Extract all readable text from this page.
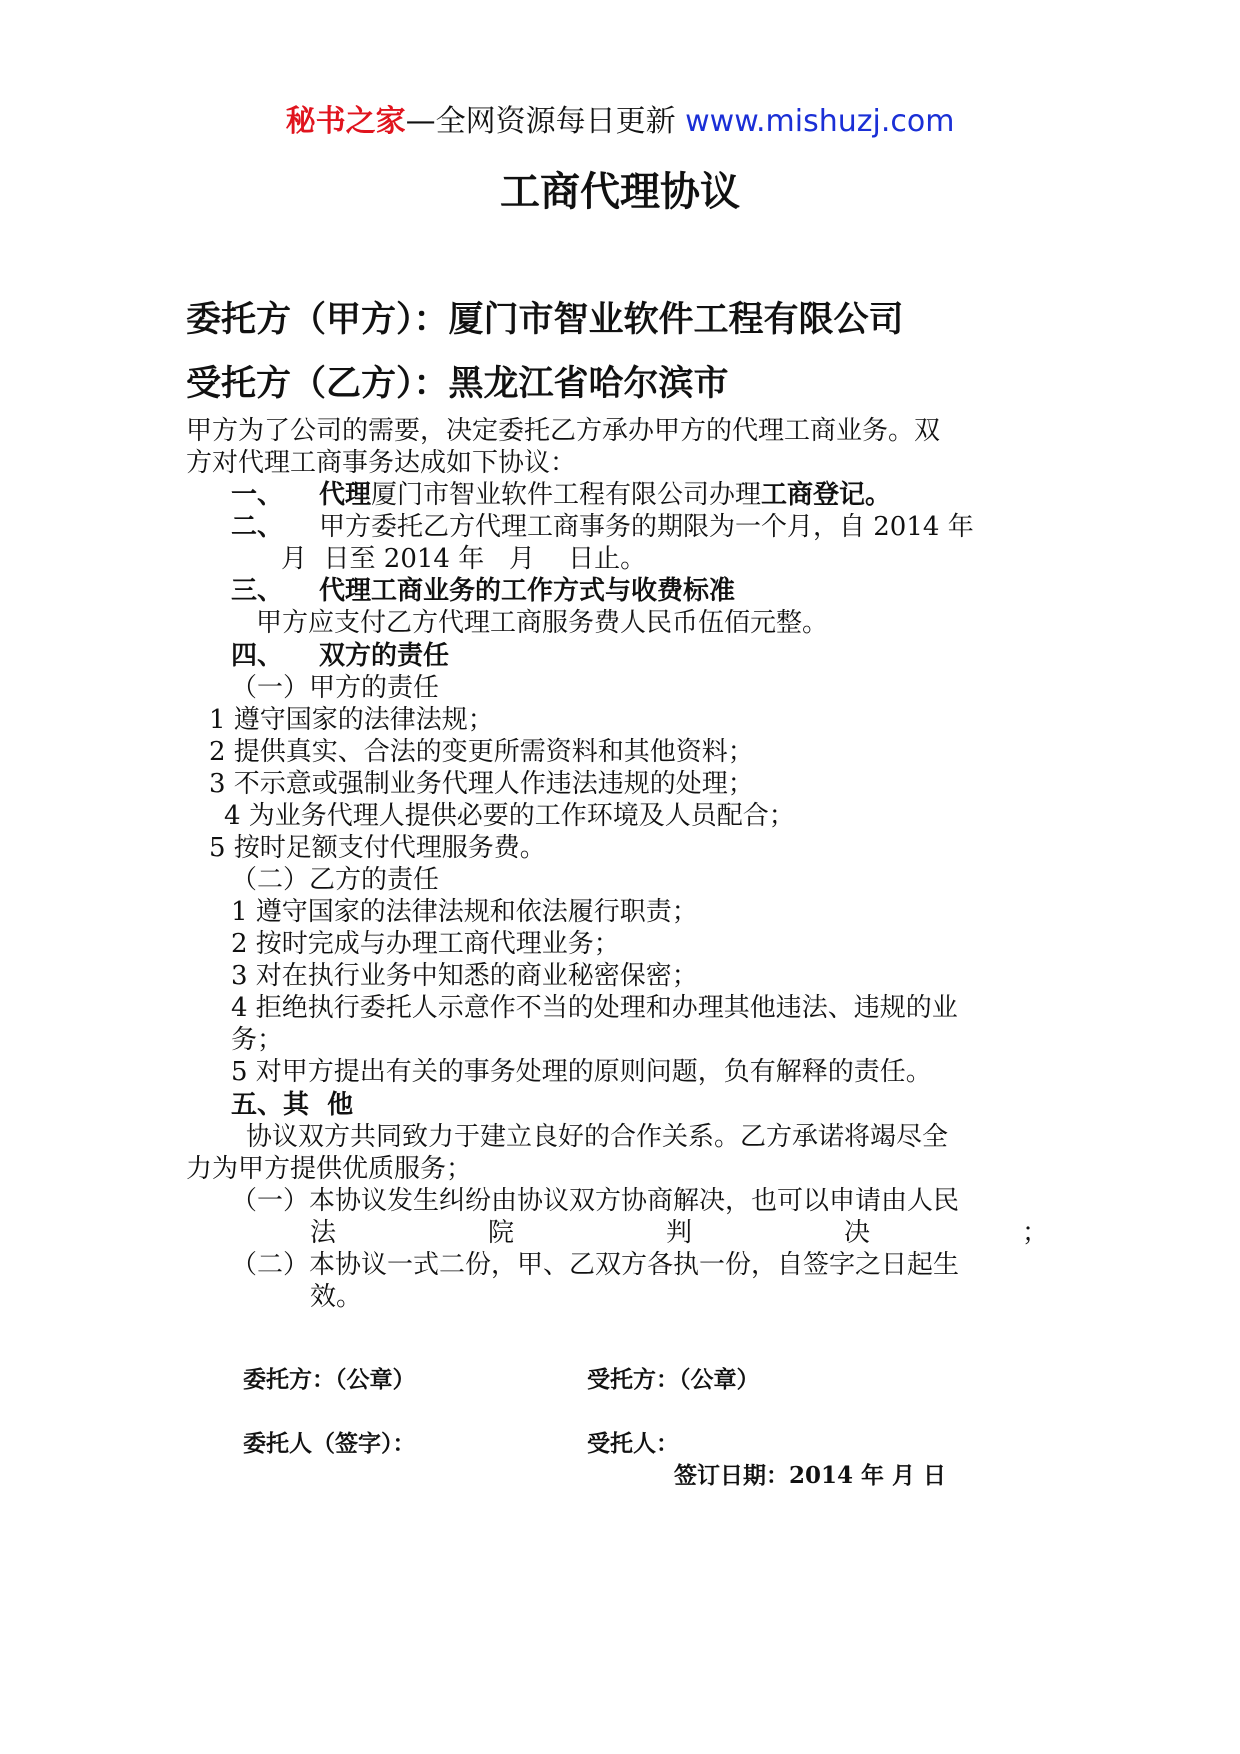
秘书之家—全网资源每日更新 www.mishuzj.com
工商代理协议
委托方（甲方）：厦门市智业软件工程有限公司
受托方（乙方）：黑龙江省哈尔滨市
甲方为了公司的需要，决定委托乙方承办甲方的代理工商业务。双
方对代理工商事务达成如下协议：
一、 代理厦门市智业软件工程有限公司办理工商登记。
二、 甲方委托乙方代理工商事务的期限为一个月，自 2014 年
月  日至 2014 年   月    日止。
三、 代理工商业务的工作方式与收费标准
甲方应支付乙方代理工商服务费人民币伍佰元整。
四、 双方的责任
（一）甲方的责任
1 遵守国家的法律法规；
2 提供真实、合法的变更所需资料和其他资料；
3 不示意或强制业务代理人作违法违规的处理；
4 为业务代理人提供必要的工作环境及人员配合；
5 按时足额支付代理服务费。
（二）乙方的责任
1 遵守国家的法律法规和依法履行职责；
2 按时完成与办理工商代理业务；
3 对在执行业务中知悉的商业秘密保密；
4 拒绝执行委托人示意作不当的处理和办理其他违法、违规的业
务；
5 对甲方提出有关的事务处理的原则问题，负有解释的责任。
五、其  他
协议双方共同致力于建立良好的合作关系。乙方承诺将竭尽全
力为甲方提供优质服务；
（一）本协议发生纠纷由协议双方协商解决，也可以申请由人民
法	院	判	决	；
（二）本协议一式二份，甲、乙双方各执一份，自签字之日起生
效。
委托方：（公章）	受托方：（公章）
委托人（签字）：	受托人：
签订日期：2014 年 月 日
